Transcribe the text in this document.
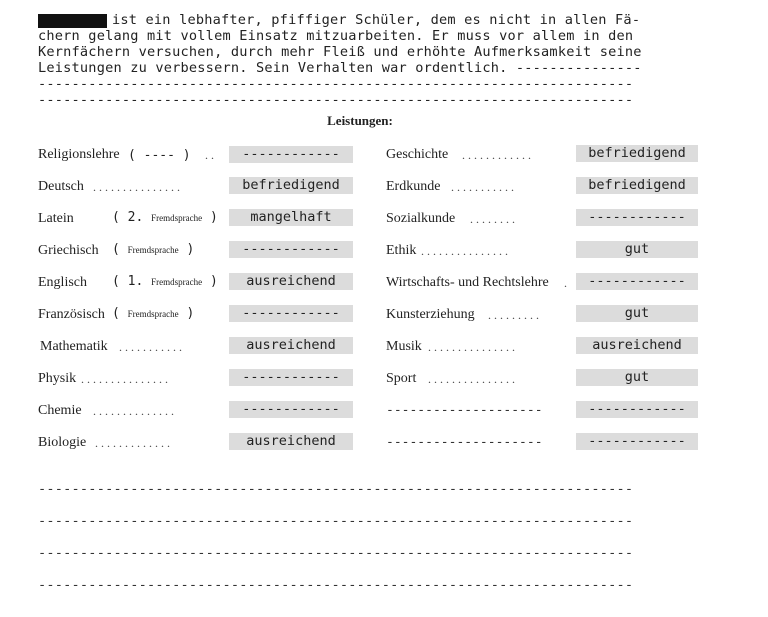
ist ein lebhafter, pfiffiger Schüler, dem es nicht in allen Fä-
chern gelang mit vollem Einsatz mitzuarbeiten. Er muss vor allem in den
Kernfächern versuchen, durch mehr Fleiß und erhöhte Aufmerksamkeit seine
Leistungen zu verbessern. Sein Verhalten war ordentlich. ---------------
-----------------------------------------------------------------------
-----------------------------------------------------------------------
Leistungen:
Religionslehre ( ---- ) ..	------------
Deutsch ...............	befriedigend
Latein	( 2. Fremdsprache )	mangelhaft
Griechisch ( Fremdsprache )	------------
Englisch ( 1. Fremdsprache )	ausreichend
Französisch ( Fremdsprache )	------------
Mathematik ...........	ausreichend
Physik ...............	------------
Chemie ..............	------------
Biologie .............	ausreichend
Geschichte ............	befriedigend
Erdkunde ...........	befriedigend
Sozialkunde ........	------------
Ethik ...............	gut
Wirtschafts- und Rechtslehre .	------------
Kunsterziehung .........	gut
Musik ...............	ausreichend
Sport ...............	gut
--------------------	------------
--------------------	------------
-----------------------------------------------------------------------
-----------------------------------------------------------------------
-----------------------------------------------------------------------
-----------------------------------------------------------------------
